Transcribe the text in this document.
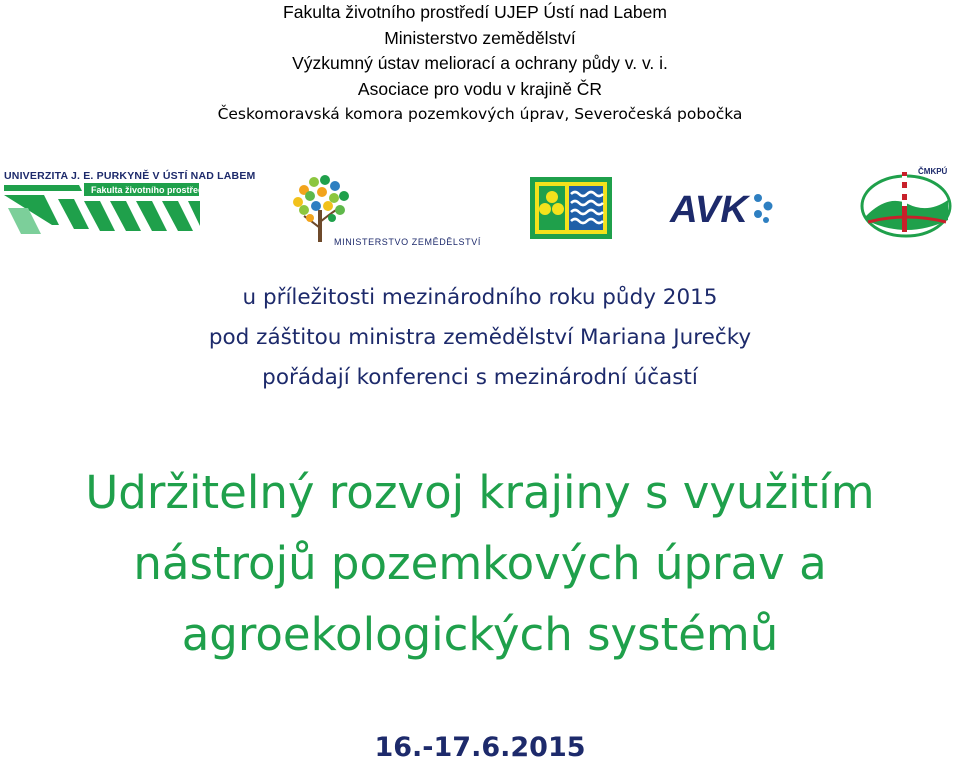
Fakulta životního prostředí UJEP Ústí nad Labem
Ministerstvo zemědělství
Výzkumný ústav meliorací a ochrany půdy v. v. i.
Asociace pro vodu v krajině ČR
Českomoravská komora pozemkových úprav, Severočeská pobočka
UNIVERZITA J. E. PURKYNĚ V ÚSTÍ NAD LABEM
Fakulta životního prostředí
MINISTERSTVO ZEMĚDĚLSTVÍ
AVK
ČMKPÚ
u příležitosti mezinárodního roku půdy 2015
pod záštitou ministra zemědělství Mariana Jurečky
pořádají konferenci s mezinárodní účastí
Udržitelný rozvoj krajiny s využitím
nástrojů pozemkových úprav a
agroekologických systémů
16.-17.6.2015
